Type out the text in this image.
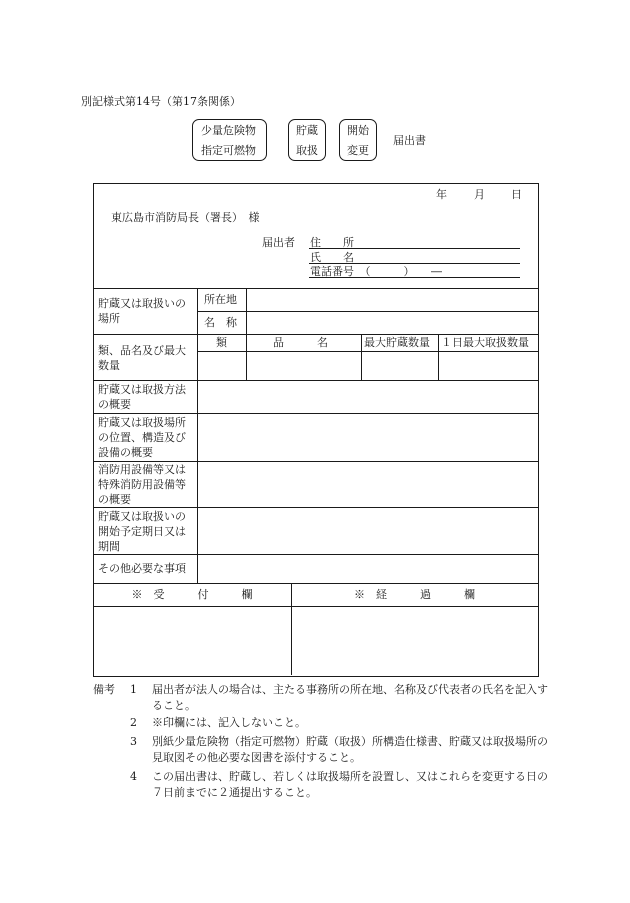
別記様式第14号（第17条関係）
少量危険物
指定可燃物
貯蔵
取扱
開始
変更
届出書
年 月 日
東広島市消防局長（署長）　様
届出者 住　　所
氏　　名
電話番号　（　　　）　　―
貯蔵又は取扱いの場所
所在地
名　称
類、品名及び最大数量
類	品　　　名	最大貯蔵数量 １日最大取扱数量
貯蔵又は取扱方法の概要
貯蔵又は取扱場所の位置、構造及び設備の概要
消防用設備等又は特殊消防用設備等の概要
貯蔵又は取扱いの開始予定期日又は期間
その他必要な事項
※　受　　　付　　　欄	※　経　　　過　　　欄
備考 1 届出者が法人の場合は、主たる事務所の所在地、名称及び代表者の氏名を記入すること。
2 ※印欄には、記入しないこと。
3 別紙少量危険物（指定可燃物）貯蔵（取扱）所構造仕様書、貯蔵又は取扱場所の見取図その他必要な図書を添付すること。
4 この届出書は、貯蔵し、若しくは取扱場所を設置し、又はこれらを変更する日の７日前までに２通提出すること。
